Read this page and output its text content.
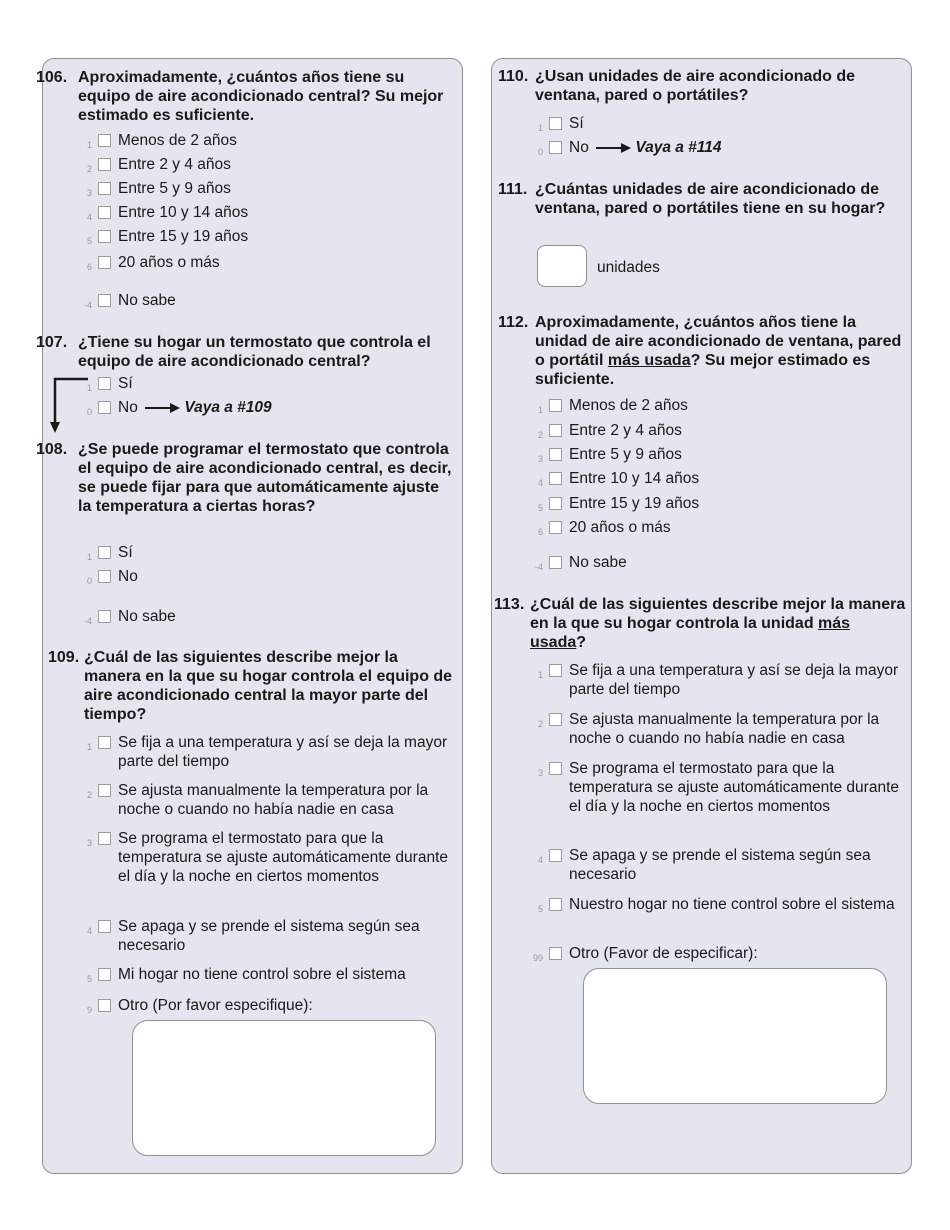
106. Aproximadamente, ¿cuántos años tiene su equipo de aire acondicionado central? Su mejor estimado es suficiente.
1 Menos de 2 años
2 Entre 2 y 4 años
3 Entre 5 y 9 años
4 Entre 10 y 14 años
5 Entre 15 y 19 años
6 20 años o más
-4 No sabe
107. ¿Tiene su hogar un termostato que controla el equipo de aire acondicionado central?
1 Sí
0 No	Vaya a #109
108. ¿Se puede programar el termostato que controla el equipo de aire acondicionado central, es decir, se puede fijar para que automáticamente ajuste la temperatura a ciertas horas?
1 Sí
0 No
-4 No sabe
109. ¿Cuál de las siguientes describe mejor la manera en la que su hogar controla el equipo de aire acondicionado central la mayor parte del tiempo?
1 Se fija a una temperatura y así se deja la mayor parte del tiempo
2 Se ajusta manualmente la temperatura por la noche o cuando no había nadie en casa
3 Se programa el termostato para que la temperatura se ajuste automáticamente durante el día y la noche en ciertos momentos
4 Se apaga y se prende el sistema según sea necesario
5 Mi hogar no tiene control sobre el sistema
9 Otro (Por favor especifique):
110. ¿Usan unidades de aire acondicionado de ventana, pared o portátiles?
1 Sí
0 No	Vaya a #114
111. ¿Cuántas unidades de aire acondicionado de ventana, pared o portátiles tiene en su hogar?
unidades
112. Aproximadamente, ¿cuántos años tiene la unidad de aire acondicionado de ventana, pared o portátil más usada? Su mejor estimado es suficiente.
1 Menos de 2 años
2 Entre 2 y 4 años
3 Entre 5 y 9 años
4 Entre 10 y 14 años
5 Entre 15 y 19 años
6 20 años o más
-4 No sabe
113. ¿Cuál de las siguientes describe mejor la manera en la que su hogar controla la unidad más usada?
1 Se fija a una temperatura y así se deja la mayor parte del tiempo
2 Se ajusta manualmente la temperatura por la noche o cuando no había nadie en casa
3 Se programa el termostato para que la temperatura se ajuste automáticamente durante el día y la noche en ciertos momentos
4 Se apaga y se prende el sistema según sea necesario
5 Nuestro hogar no tiene control sobre el sistema
99 Otro (Favor de especificar):
